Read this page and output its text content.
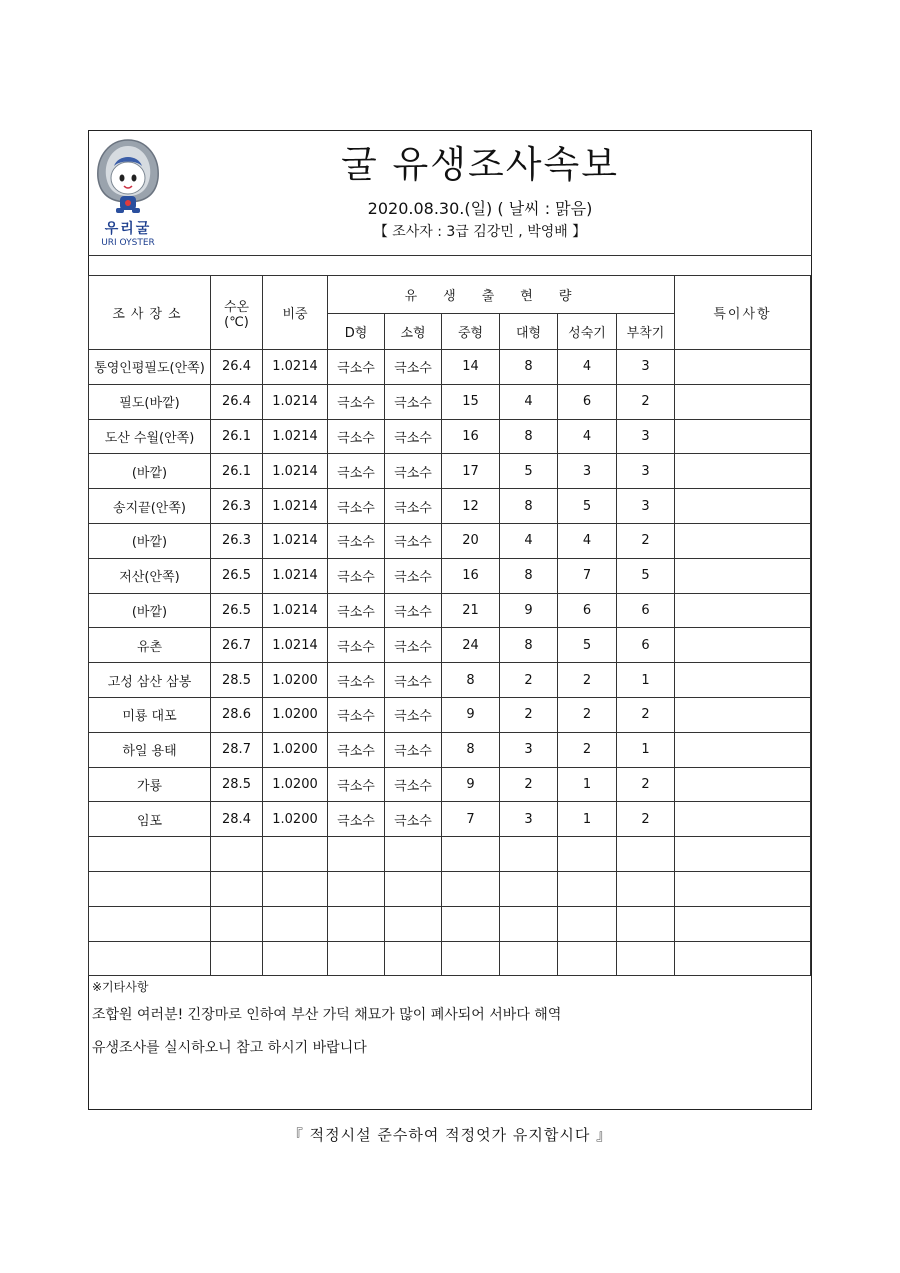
우리굴
URI OYSTER
굴 유생조사속보
2020.08.30.(일) ( 날씨 : 맑음)
【 조사자 : 3급 김강민 , 박영배 】
조사장소	수온
(℃)	비중	유생출현량						특이사항
			D형	소형	중형	대형	성숙기	부착기	
통영인평필도(안쪽)	26.4	1.0214	극소수	극소수	14	8	4	3	
필도(바깥)	26.4	1.0214	극소수	극소수	15	4	6	2	
도산 수월(안쪽)	26.1	1.0214	극소수	극소수	16	8	4	3	
(바깥)	26.1	1.0214	극소수	극소수	17	5	3	3	
송지끝(안쪽)	26.3	1.0214	극소수	극소수	12	8	5	3	
(바깥)	26.3	1.0214	극소수	극소수	20	4	4	2	
저산(안쪽)	26.5	1.0214	극소수	극소수	16	8	7	5	
(바깥)	26.5	1.0214	극소수	극소수	21	9	6	6	
유촌	26.7	1.0214	극소수	극소수	24	8	5	6	
고성 삼산 삼봉	28.5	1.0200	극소수	극소수	8	2	2	1	
미룡 대포	28.6	1.0200	극소수	극소수	9	2	2	2	
하일 용태	28.7	1.0200	극소수	극소수	8	3	2	1	
가룡	28.5	1.0200	극소수	극소수	9	2	1	2	
임포	28.4	1.0200	극소수	극소수	7	3	1	2	

※기타사항
조합원 여러분! 긴장마로 인하여 부산 가덕 채묘가 많이 폐사되어 서바다 해역
유생조사를 실시하오니 참고 하시기 바랍니다
『 적정시설 준수하여 적정엇가 유지합시다 』
